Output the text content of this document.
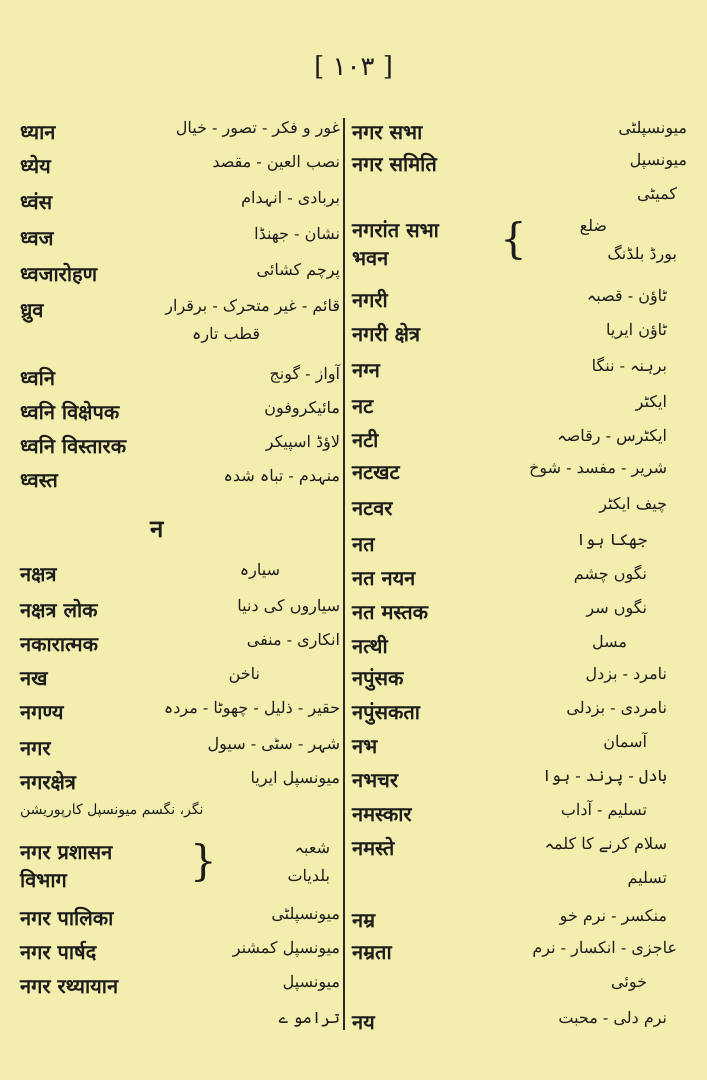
[ ١٠٣ ]
न
ध्यान	غور و فکر - تصور - خیال
ध्येय	نصب العین - مقصد
ध्वंस	بربادی - انہدام
ध्वज	نشان - جھنڈا
ध्वजारोहण	پرچم کشائی
ध्रुव	قائم - غیر متحرک - برقرار
قطب تارہ
ध्वनि	آواز - گونج
ध्वनि विक्षेपक	مائیکروفون
ध्वनि विस्तारक	لاؤڈ اسپیکر
ध्वस्त	منہدم - تباہ شدہ
नक्षत्र	سیارہ
नक्षत्र लोक	سیاروں کی دنیا
नकारात्मक	انکاری - منفی
नख	ناخن
नगण्य	حقیر - ذلیل - چھوٹا - مردہ
नगर	شہر - سٹی - سیول
नगरक्षेत्र	میونسپل ایریا
نگر، نگسم میونسپل کارپوریشن
नगर प्रशासन
विभाग	}	شعبہ
بلدیات
नगर पालिका	میونسپلٹی
नगर पार्षद	میونسپل کمشنر
नगर रथ्यायान	میونسپل
ترامو ے
नगर सभा	میونسپلٹی
नगर समिति	میونسپل
کمیٹی
नगरांत सभा
भवन	{	ضلع
بورڈ بلڈنگ
नगरी	ٹاؤن - قصبہ
नगरी क्षेत्र	ٹاؤن ایریا
नग्न	برہنہ - ننگا
नट	ایکٹر
नटी	ایکٹرس - رقاصہ
नटखट	شریر - مفسد - شوخ
नटवर	چیف ایکٹر
नत	جھکا ہوا
नत नयन	نگوں چشم
नत मस्तक	نگوں سر
नत्थी	مسل
नपुंसक	نامرد - بزدل
नपुंसकता	نامردی - بزدلی
नभ	آسمان
नभचर	بادل - پرند - ہوا
नमस्कार	تسلیم - آداب
नमस्ते	سلام کرنے کا کلمہ
تسلیم
नम्र	منکسر - نرم خو
नम्रता	عاجزی - انکسار - نرم
خوئی
नय	نرم دلی - محبت
